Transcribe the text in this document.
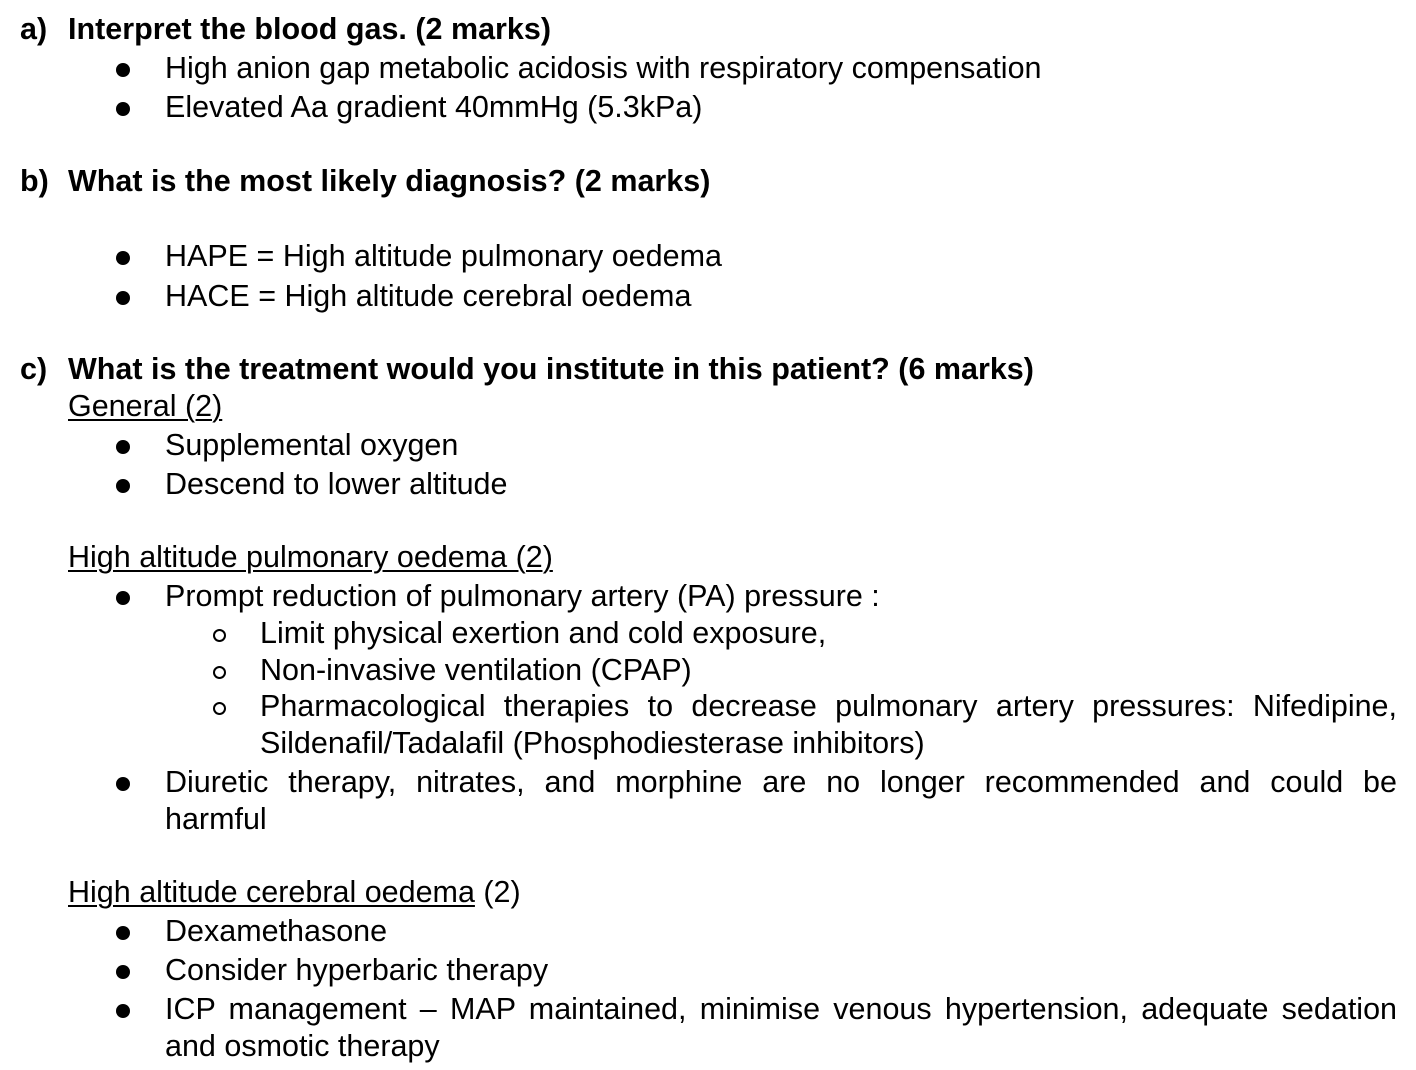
a) Interpret the blood gas. (2 marks)
High anion gap metabolic acidosis with respiratory compensation
Elevated Aa gradient 40mmHg (5.3kPa)
b) What is the most likely diagnosis? (2 marks)
HAPE = High altitude pulmonary oedema
HACE = High altitude cerebral oedema
c) What is the treatment would you institute in this patient? (6 marks)
General (2)
Supplemental oxygen
Descend to lower altitude
High altitude pulmonary oedema (2)
Prompt reduction of pulmonary artery (PA) pressure :
Limit physical exertion and cold exposure,
Non-invasive ventilation (CPAP)
Pharmacological therapies to decrease pulmonary artery pressures: Nifedipine,
Sildenafil/Tadalafil (Phosphodiesterase inhibitors)
Diuretic therapy, nitrates, and morphine are no longer recommended and could be
harmful
High altitude cerebral oedema (2)
Dexamethasone
Consider hyperbaric therapy
ICP management – MAP maintained, minimise venous hypertension, adequate sedation
and osmotic therapy
